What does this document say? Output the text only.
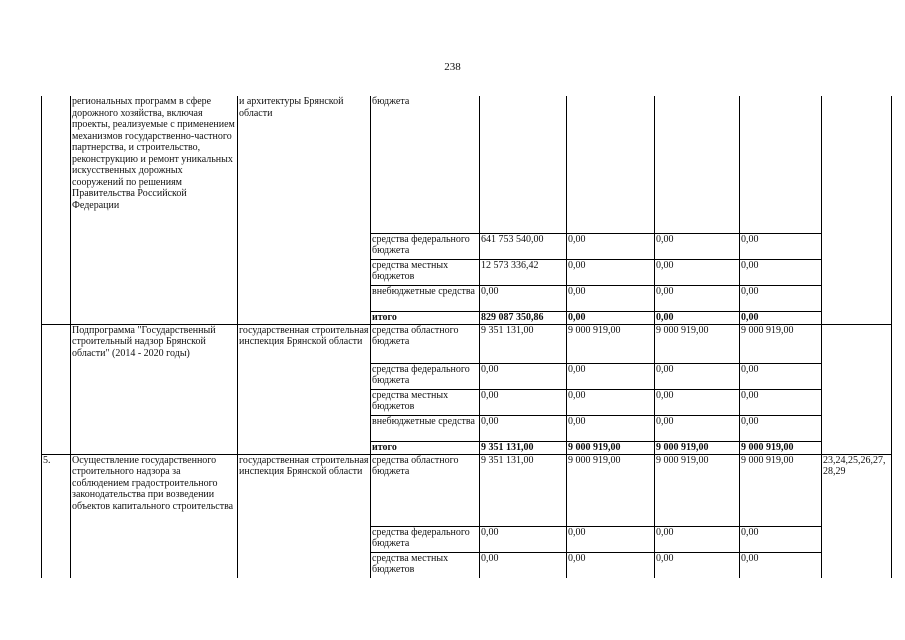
238
	региональных программ в сфере дорожного хозяйства, включая проекты, реализуемые с применением механизмов государственно-частного партнерства, и строительство, реконструкцию и ремонт уникальных искусственных дорожных сооружений по решениям Правительства Российской Федерации	и архитектуры Брянской области	бюджета					
			средства федерального бюджета	641 753 540,00	0,00	0,00	0,00	
			средства местных бюджетов	12 573 336,42	0,00	0,00	0,00	
			внебюджетные средства	0,00	0,00	0,00	0,00	
			итого	829 087 350,86	0,00	0,00	0,00	
	Подпрограмма "Государственный строительный надзор Брянской области" (2014 - 2020 годы)	государственная строительная инспекция Брянской области	средства областного бюджета	9 351 131,00	9 000 919,00	9 000 919,00	9 000 919,00	
			средства федерального бюджета	0,00	0,00	0,00	0,00	
			средства местных бюджетов	0,00	0,00	0,00	0,00	
			внебюджетные средства	0,00	0,00	0,00	0,00	
			итого	9 351 131,00	9 000 919,00	9 000 919,00	9 000 919,00	
5.	Осуществление государственного строительного надзора за соблюдением градостроительного законодательства при возведении объектов капитального строительства	государственная строительная инспекция Брянской области	средства областного бюджета	9 351 131,00	9 000 919,00	9 000 919,00	9 000 919,00	23,24,25,26,27, 28,29
			средства федерального бюджета	0,00	0,00	0,00	0,00	
			средства местных бюджетов	0,00	0,00	0,00	0,00	
